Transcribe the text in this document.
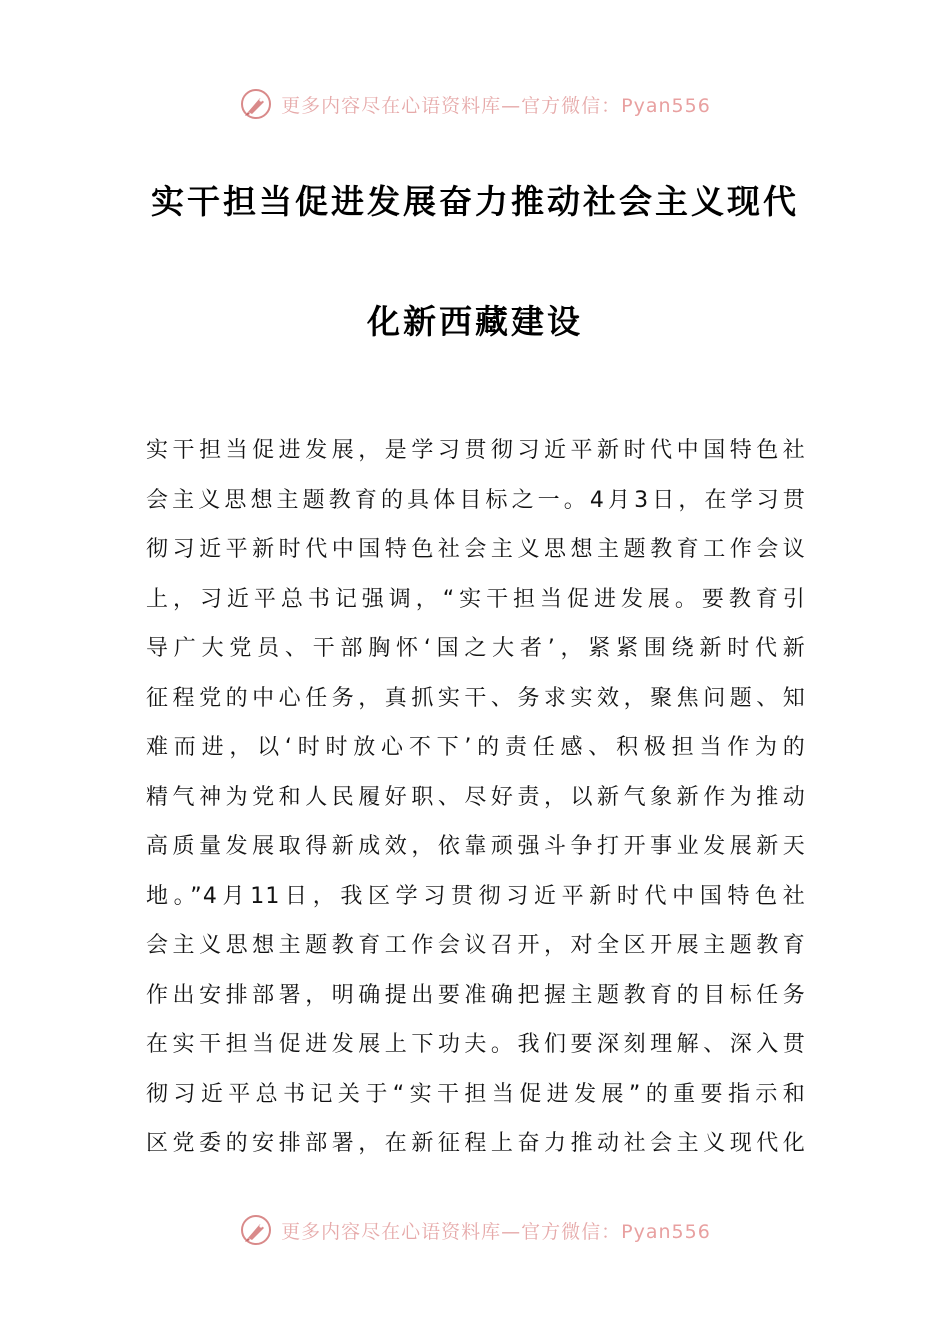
更多内容尽在心语资料库—官方微信：Pyan556
实干担当促进发展奋力推动社会主义现代
化新西藏建设
实干担当促进发展，是学习贯彻习近平新时代中国特色社
会主义思想主题教育的具体目标之一。4月3日，在学习贯
彻习近平新时代中国特色社会主义思想主题教育工作会议
上，习近平总书记强调，“实干担当促进发展。要教育引
导广大党员、干部胸怀‘国之大者’，紧紧围绕新时代新
征程党的中心任务，真抓实干、务求实效，聚焦问题、知
难而进，以‘时时放心不下’的责任感、积极担当作为的
精气神为党和人民履好职、尽好责，以新气象新作为推动
高质量发展取得新成效，依靠顽强斗争打开事业发展新天
地。”4月11日，我区学习贯彻习近平新时代中国特色社
会主义思想主题教育工作会议召开，对全区开展主题教育
作出安排部署，明确提出要准确把握主题教育的目标任务
在实干担当促进发展上下功夫。我们要深刻理解、深入贯
彻习近平总书记关于“实干担当促进发展”的重要指示和
区党委的安排部署，在新征程上奋力推动社会主义现代化
更多内容尽在心语资料库—官方微信：Pyan556
